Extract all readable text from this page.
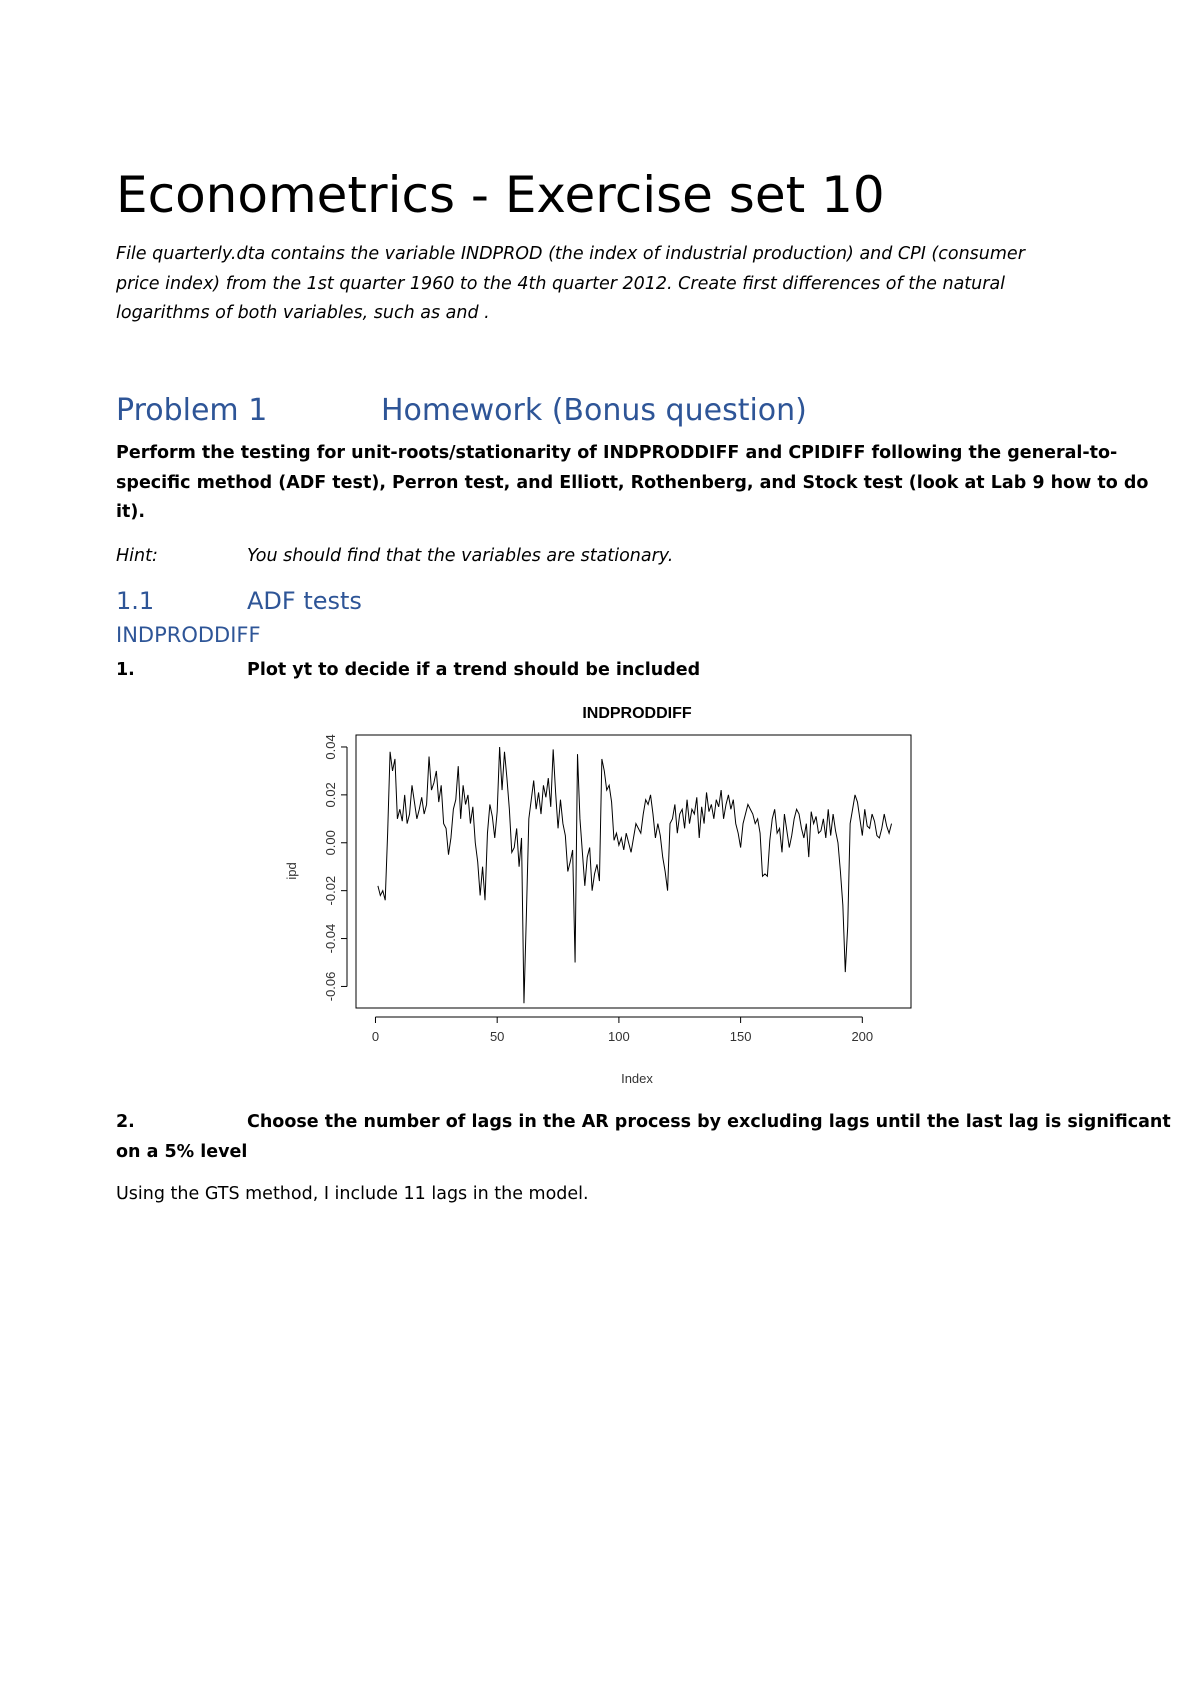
Econometrics - Exercise set 10
File quarterly.dta contains the variable INDPROD (the index of industrial production) and CPI (consumer
price index) from the 1st quarter 1960 to the 4th quarter 2012. Create first differences of the natural
logarithms of both variables, such as and .
Problem 1	Homework (Bonus question)
Perform the testing for unit-roots/stationarity of INDPRODDIFF and CPIDIFF following the general-to-
specific method (ADF test), Perron test, and Elliott, Rothenberg, and Stock test (look at Lab 9 how to do
it).
Hint:	You should find that the variables are stationary.
1.1	ADF tests
INDPRODDIFF
1.	Plot yt to decide if a trend should be included
INDPRODDIFF
0	50	100	150	200
-0.06
-0.04
-0.02
0.00
0.02
0.04
Index
ipd
2.	Choose the number of lags in the AR process by excluding lags until the last lag is significant
on a 5% level
Using the GTS method, I include 11 lags in the model.
